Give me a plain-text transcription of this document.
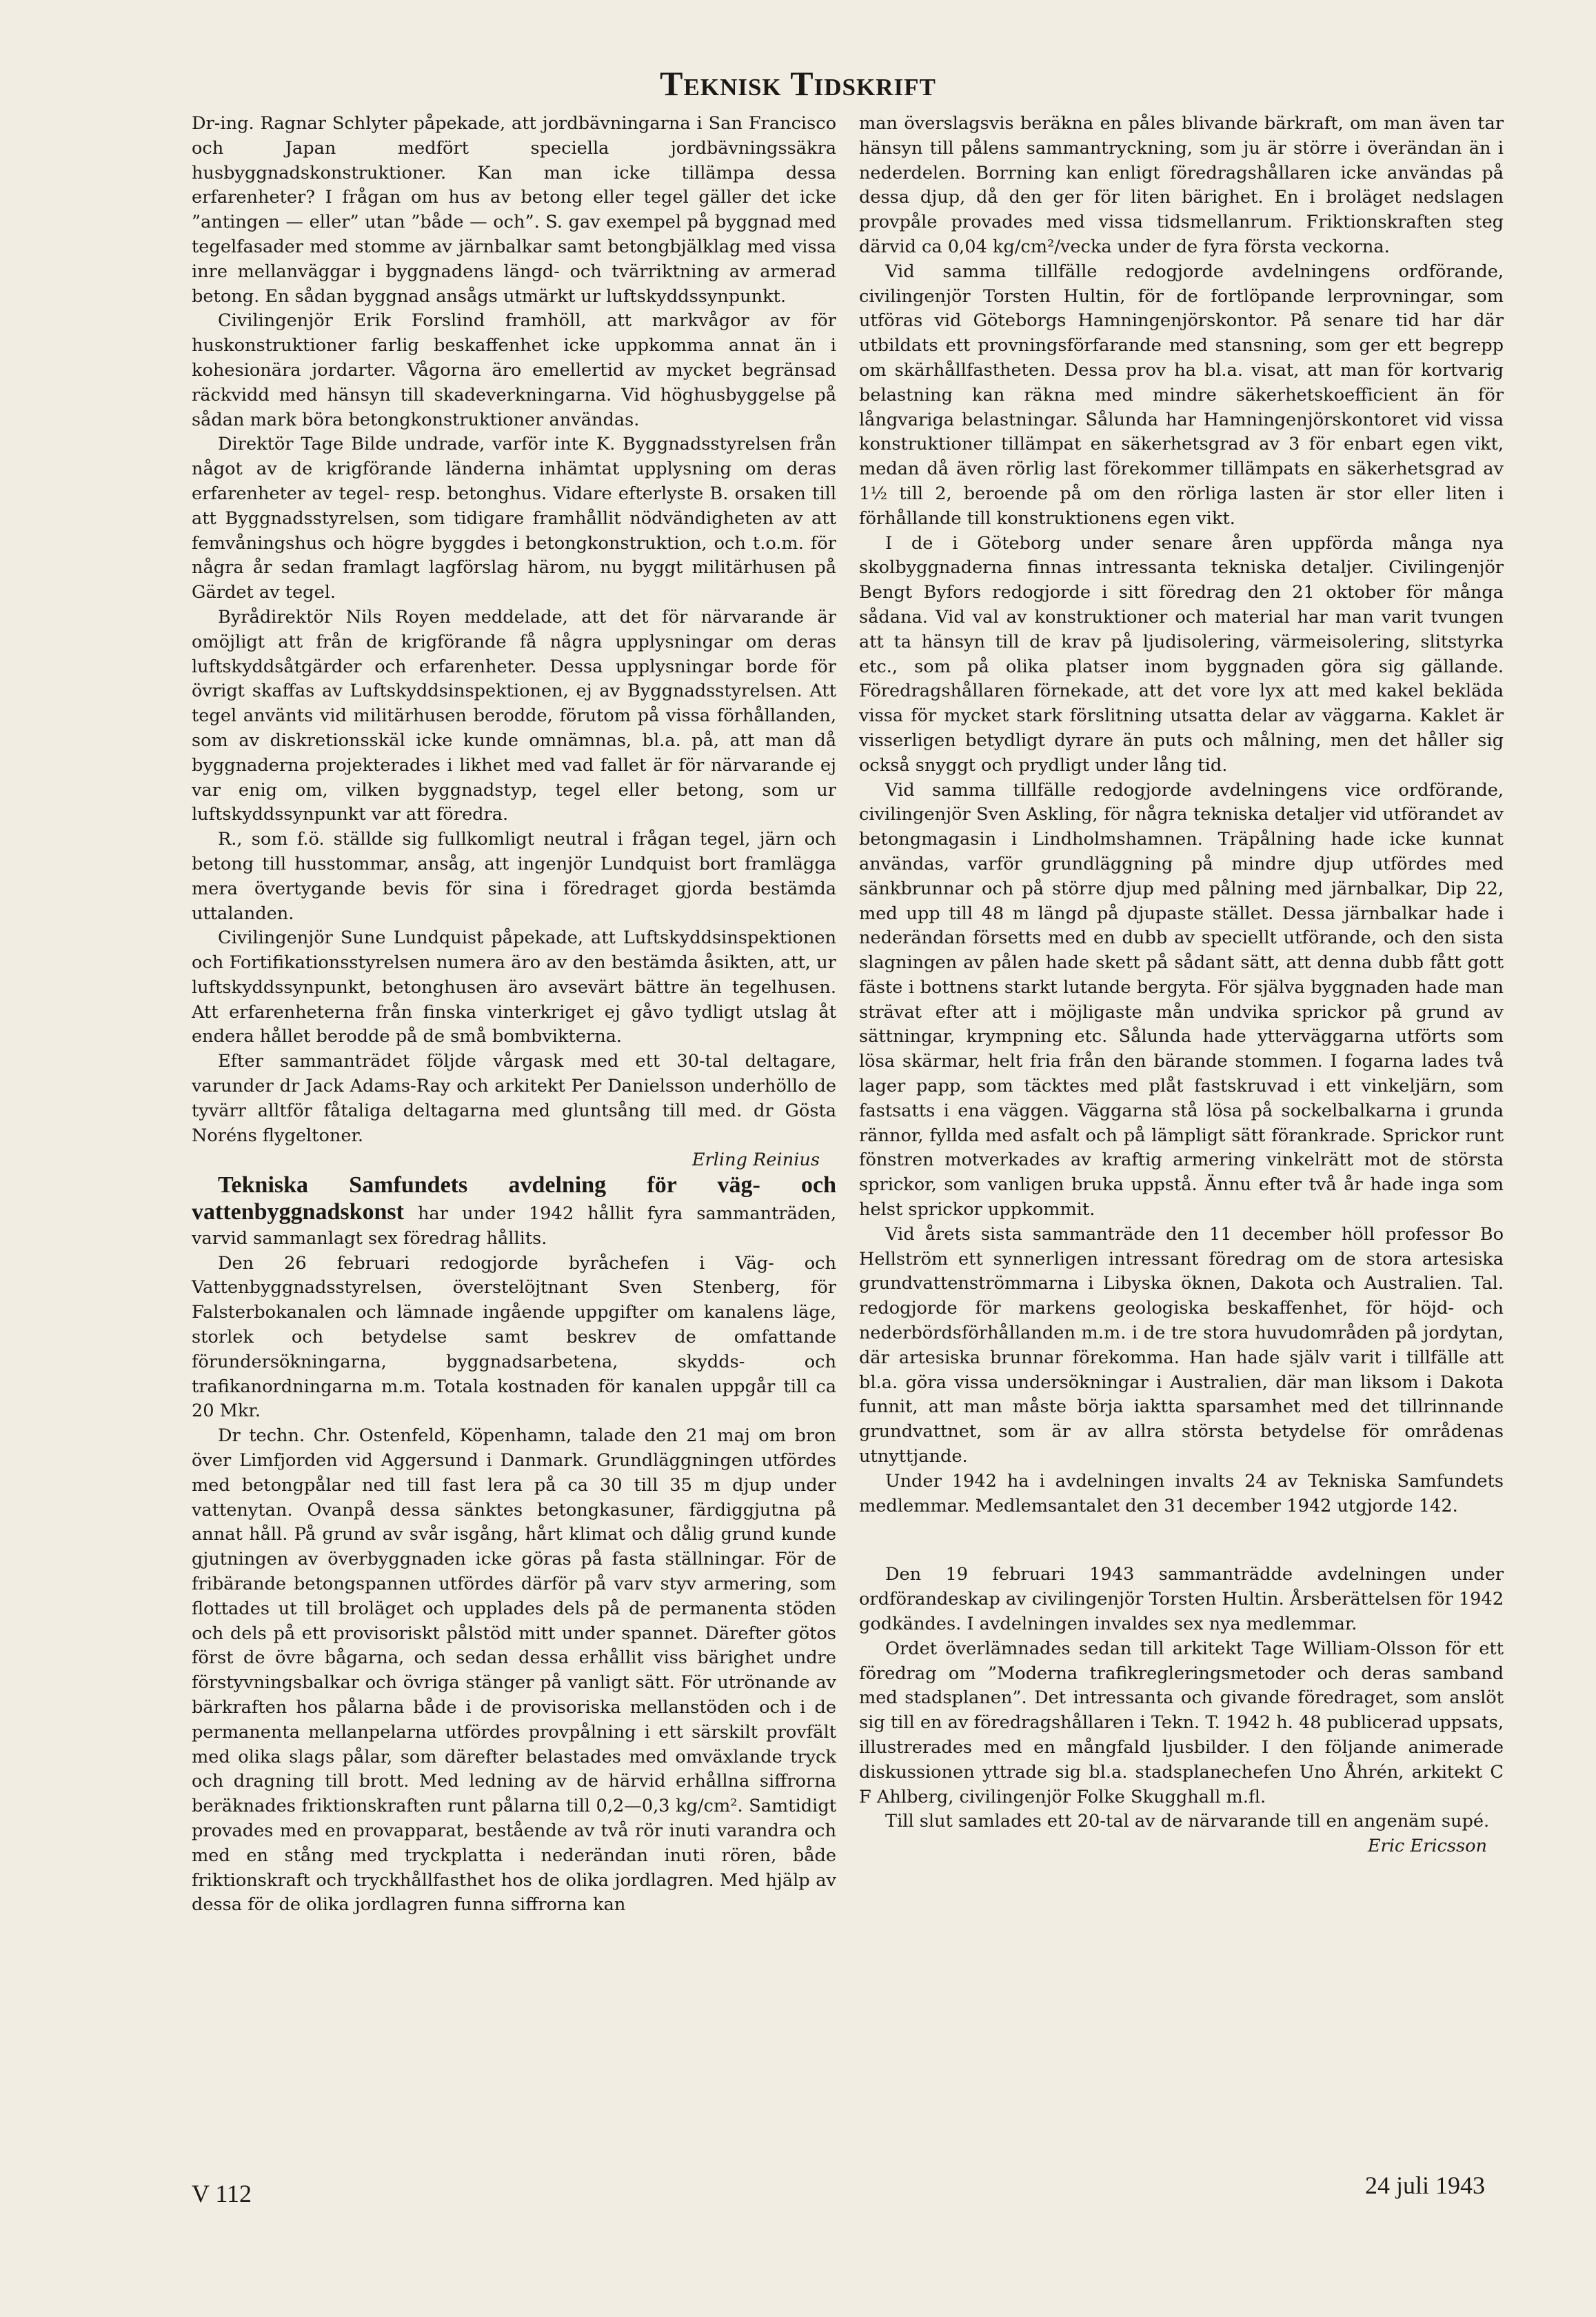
Teknisk Tidskrift

Dr-ing. Ragnar Schlyter påpekade, att jordbävningarna i San Francisco och Japan medfört speciella jordbävningssäkra husbyggnadskonstruktioner. Kan man icke tillämpa dessa erfarenheter? I frågan om hus av betong eller tegel gäller det icke ”antingen — eller” utan ”både — och”. S. gav exempel på byggnad med tegelfasader med stomme av järnbalkar samt betongbjälklag med vissa inre mellanväggar i byggnadens längd- och tvärriktning av armerad betong. En sådan byggnad ansågs utmärkt ur luftskyddssynpunkt.

Civilingenjör Erik Forslind framhöll, att markvågor av för huskonstruktioner farlig beskaffenhet icke uppkomma annat än i kohesionära jordarter. Vågorna äro emellertid av mycket begränsad räckvidd med hänsyn till skadeverkningarna. Vid höghusbyggelse på sådan mark böra betongkonstruktioner användas.

Direktör Tage Bilde undrade, varför inte K. Byggnadsstyrelsen från något av de krigförande länderna inhämtat upplysning om deras erfarenheter av tegel- resp. betonghus. Vidare efterlyste B. orsaken till att Byggnadsstyrelsen, som tidigare framhållit nödvändigheten av att femvåningshus och högre byggdes i betongkonstruktion, och t.o.m. för några år sedan framlagt lagförslag härom, nu byggt militärhusen på Gärdet av tegel.

Byrådirektör Nils Royen meddelade, att det för närvarande är omöjligt att från de krigförande få några upplysningar om deras luftskyddsåtgärder och erfarenheter. Dessa upplysningar borde för övrigt skaffas av Luftskyddsinspektionen, ej av Byggnadsstyrelsen. Att tegel använts vid militärhusen berodde, förutom på vissa förhållanden, som av diskretionsskäl icke kunde omnämnas, bl.a. på, att man då byggnaderna projekterades i likhet med vad fallet är för närvarande ej var enig om, vilken byggnadstyp, tegel eller betong, som ur luftskyddssynpunkt var att föredra.

R., som f.ö. ställde sig fullkomligt neutral i frågan tegel, järn och betong till husstommar, ansåg, att ingenjör Lundquist bort framlägga mera övertygande bevis för sina i föredraget gjorda bestämda uttalanden.

Civilingenjör Sune Lundquist påpekade, att Luftskyddsinspektionen och Fortifikationsstyrelsen numera äro av den bestämda åsikten, att, ur luftskyddssynpunkt, betonghusen äro avsevärt bättre än tegelhusen. Att erfarenheterna från finska vinterkriget ej gåvo tydligt utslag åt endera hållet berodde på de små bombvikterna.

Efter sammanträdet följde vårgask med ett 30-tal deltagare, varunder dr Jack Adams-Ray och arkitekt Per Danielsson underhöllo de tyvärr alltför fåtaliga deltagarna med gluntsång till med. dr Gösta Noréns flygeltoner.

Erling Reinius

Tekniska Samfundets avdelning för väg- och vattenbyggnadskonst har under 1942 hållit fyra sammanträden, varvid sammanlagt sex föredrag hållits.

Den 26 februari redogjorde byråchefen i Väg- och Vattenbyggnadsstyrelsen, överstelöjtnant Sven Stenberg, för Falsterbokanalen och lämnade ingående uppgifter om kanalens läge, storlek och betydelse samt beskrev de omfattande förundersökningarna, byggnadsarbetena, skydds- och trafikanordningarna m.m. Totala kostnaden för kanalen uppgår till ca 20 Mkr.

Dr techn. Chr. Ostenfeld, Köpenhamn, talade den 21 maj om bron över Limfjorden vid Aggersund i Danmark. Grundläggningen utfördes med betongpålar ned till fast lera på ca 30 till 35 m djup under vattenytan. Ovanpå dessa sänktes betongkasuner, färdiggjutna på annat håll. På grund av svår isgång, hårt klimat och dålig grund kunde gjutningen av överbyggnaden icke göras på fasta ställningar. För de fribärande betongspannen utfördes därför på varv styv armering, som flottades ut till broläget och upplades dels på de permanenta stöden och dels på ett provisoriskt pålstöd mitt under spannet. Därefter götos först de övre bågarna, och sedan dessa erhållit viss bärighet undre förstyvningsbalkar och övriga stänger på vanligt sätt. För utrönande av bärkraften hos pålarna både i de provisoriska mellanstöden och i de permanenta mellanpelarna utfördes provpålning i ett särskilt provfält med olika slags pålar, som därefter belastades med omväxlande tryck och dragning till brott. Med ledning av de härvid erhållna siffrorna beräknades friktionskraften runt pålarna till 0,2—0,3 kg/cm². Samtidigt provades med en provapparat, bestående av två rör inuti varandra och med en stång med tryckplatta i nederändan inuti rören, både friktionskraft och tryckhållfasthet hos de olika jordlagren. Med hjälp av dessa för de olika jordlagren funna siffrorna kan

man överslagsvis beräkna en påles blivande bärkraft, om man även tar hänsyn till pålens sammantryckning, som ju är större i överändan än i nederdelen. Borrning kan enligt föredragshållaren icke användas på dessa djup, då den ger för liten bärighet. En i broläget nedslagen provpåle provades med vissa tidsmellanrum. Friktionskraften steg därvid ca 0,04 kg/cm²/vecka under de fyra första veckorna.

Vid samma tillfälle redogjorde avdelningens ordförande, civilingenjör Torsten Hultin, för de fortlöpande lerprovningar, som utföras vid Göteborgs Hamningenjörskontor. På senare tid har där utbildats ett provningsförfarande med stansning, som ger ett begrepp om skärhållfastheten. Dessa prov ha bl.a. visat, att man för kortvarig belastning kan räkna med mindre säkerhetskoefficient än för långvariga belastningar. Sålunda har Hamningenjörskontoret vid vissa konstruktioner tillämpat en säkerhetsgrad av 3 för enbart egen vikt, medan då även rörlig last förekommer tillämpats en säkerhetsgrad av 1½ till 2, beroende på om den rörliga lasten är stor eller liten i förhållande till konstruktionens egen vikt.

I de i Göteborg under senare åren uppförda många nya skolbyggnaderna finnas intressanta tekniska detaljer. Civilingenjör Bengt Byfors redogjorde i sitt föredrag den 21 oktober för många sådana. Vid val av konstruktioner och material har man varit tvungen att ta hänsyn till de krav på ljudisolering, värmeisolering, slitstyrka etc., som på olika platser inom byggnaden göra sig gällande. Föredragshållaren förnekade, att det vore lyx att med kakel bekläda vissa för mycket stark förslitning utsatta delar av väggarna. Kaklet är visserligen betydligt dyrare än puts och målning, men det håller sig också snyggt och prydligt under lång tid.

Vid samma tillfälle redogjorde avdelningens vice ordförande, civilingenjör Sven Askling, för några tekniska detaljer vid utförandet av betongmagasin i Lindholmshamnen. Träpålning hade icke kunnat användas, varför grundläggning på mindre djup utfördes med sänkbrunnar och på större djup med pålning med järnbalkar, Dip 22, med upp till 48 m längd på djupaste stället. Dessa järnbalkar hade i nederändan försetts med en dubb av speciellt utförande, och den sista slagningen av pålen hade skett på sådant sätt, att denna dubb fått gott fäste i bottnens starkt lutande bergyta. För själva byggnaden hade man strävat efter att i möjligaste mån undvika sprickor på grund av sättningar, krympning etc. Sålunda hade ytterväggarna utförts som lösa skärmar, helt fria från den bärande stommen. I fogarna lades två lager papp, som täcktes med plåt fastskruvad i ett vinkeljärn, som fastsatts i ena väggen. Väggarna stå lösa på sockelbalkarna i grunda rännor, fyllda med asfalt och på lämpligt sätt förankrade. Sprickor runt fönstren motverkades av kraftig armering vinkelrätt mot de största sprickor, som vanligen bruka uppstå. Ännu efter två år hade inga som helst sprickor uppkommit.

Vid årets sista sammanträde den 11 december höll professor Bo Hellström ett synnerligen intressant föredrag om de stora artesiska grundvattenströmmarna i Libyska öknen, Dakota och Australien. Tal. redogjorde för markens geologiska beskaffenhet, för höjd- och nederbördsförhållanden m.m. i de tre stora huvudområden på jordytan, där artesiska brunnar förekomma. Han hade själv varit i tillfälle att bl.a. göra vissa undersökningar i Australien, där man liksom i Dakota funnit, att man måste börja iaktta sparsamhet med det tillrinnande grundvattnet, som är av allra största betydelse för områdenas utnyttjande.

Under 1942 ha i avdelningen invalts 24 av Tekniska Samfundets medlemmar. Medlemsantalet den 31 december 1942 utgjorde 142.

Den 19 februari 1943 sammanträdde avdelningen under ordförandeskap av civilingenjör Torsten Hultin. Årsberättelsen för 1942 godkändes. I avdelningen invaldes sex nya medlemmar.

Ordet överlämnades sedan till arkitekt Tage William-Olsson för ett föredrag om ”Moderna trafikregleringsmetoder och deras samband med stadsplanen”. Det intressanta och givande föredraget, som anslöt sig till en av föredragshållaren i Tekn. T. 1942 h. 48 publicerad uppsats, illustrerades med en mångfald ljusbilder. I den följande animerade diskussionen yttrade sig bl.a. stadsplanechefen Uno Åhrén, arkitekt C F Ahlberg, civilingenjör Folke Skugghall m.fl.

Till slut samlades ett 20-tal av de närvarande till en angenäm supé.

Eric Ericsson

V 112	24 juli 1943
